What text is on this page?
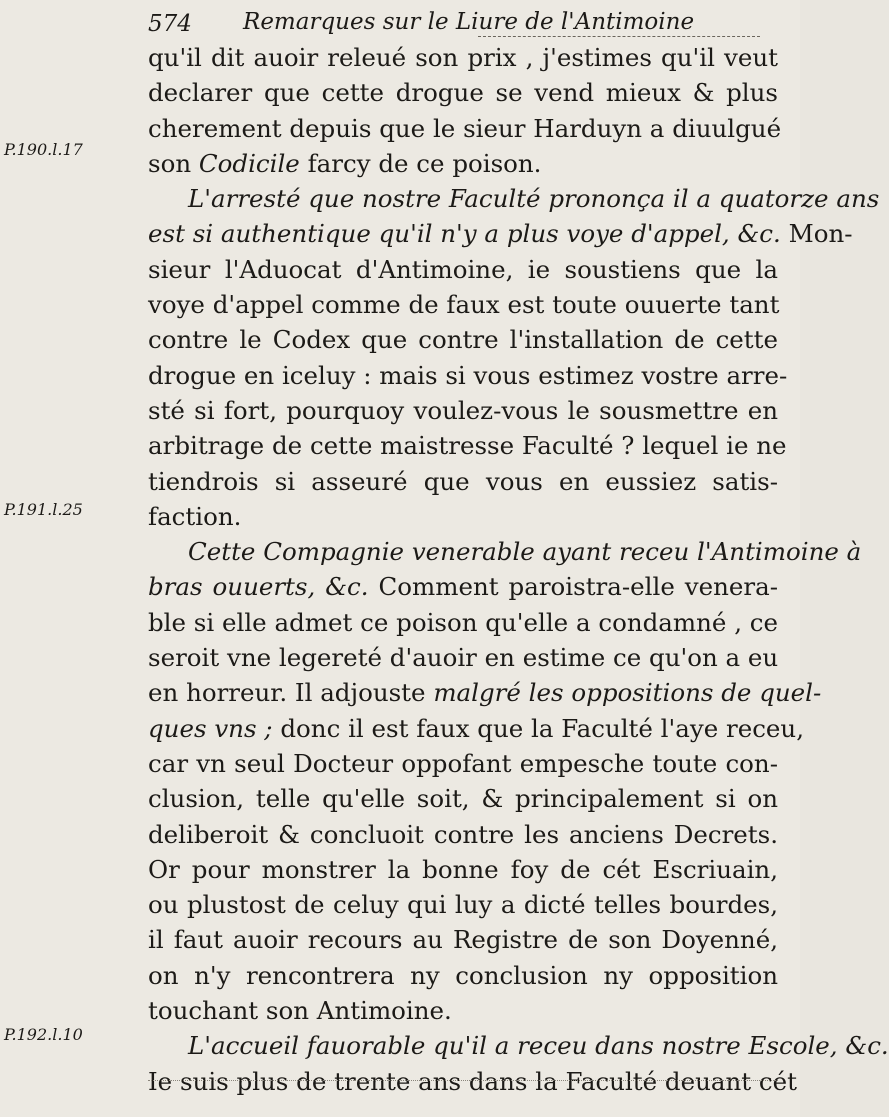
574 Remarques sur le Liure de l'Antimoine
P.190.l.17
P.191.l.25
P.192.l.10
qu'il dit auoir releué son prix , j'estimes qu'il veut
declarer que cette drogue se vend mieux & plus
cherement depuis que le sieur Harduyn a diuulgué
son Codicile farcy de ce poison.
L'arresté que nostre Faculté prononça il a quatorze ans
est si authentique qu'il n'y a plus voye d'appel, &c. Mon-
sieur l'Aduocat d'Antimoine, ie soustiens que la
voye d'appel comme de faux est toute ouuerte tant
contre le Codex que contre l'installation de cette
drogue en iceluy : mais si vous estimez vostre arre-
sté si fort, pourquoy voulez-vous le sousmettre en
arbitrage de cette maistresse Faculté ? lequel ie ne
tiendrois si asseuré que vous en eussiez satis-
faction.
Cette Compagnie venerable ayant receu l'Antimoine à
bras ouuerts, &c. Comment paroistra-elle venera-
ble si elle admet ce poison qu'elle a condamné , ce
seroit vne legereté d'auoir en estime ce qu'on a eu
en horreur. Il adjouste malgré les oppositions de quel-
ques vns ; donc il est faux que la Faculté l'aye receu,
car vn seul Docteur oppofant empesche toute con-
clusion, telle qu'elle soit, & principalement si on
deliberoit & concluoit contre les anciens Decrets.
Or pour monstrer la bonne foy de cét Escriuain,
ou plustost de celuy qui luy a dicté telles bourdes,
il faut auoir recours au Registre de son Doyenné,
on n'y rencontrera ny conclusion ny opposition
touchant son Antimoine.
L'accueil fauorable qu'il a receu dans nostre Escole, &c.
Ie suis plus de trente ans dans la Faculté deuant cét
